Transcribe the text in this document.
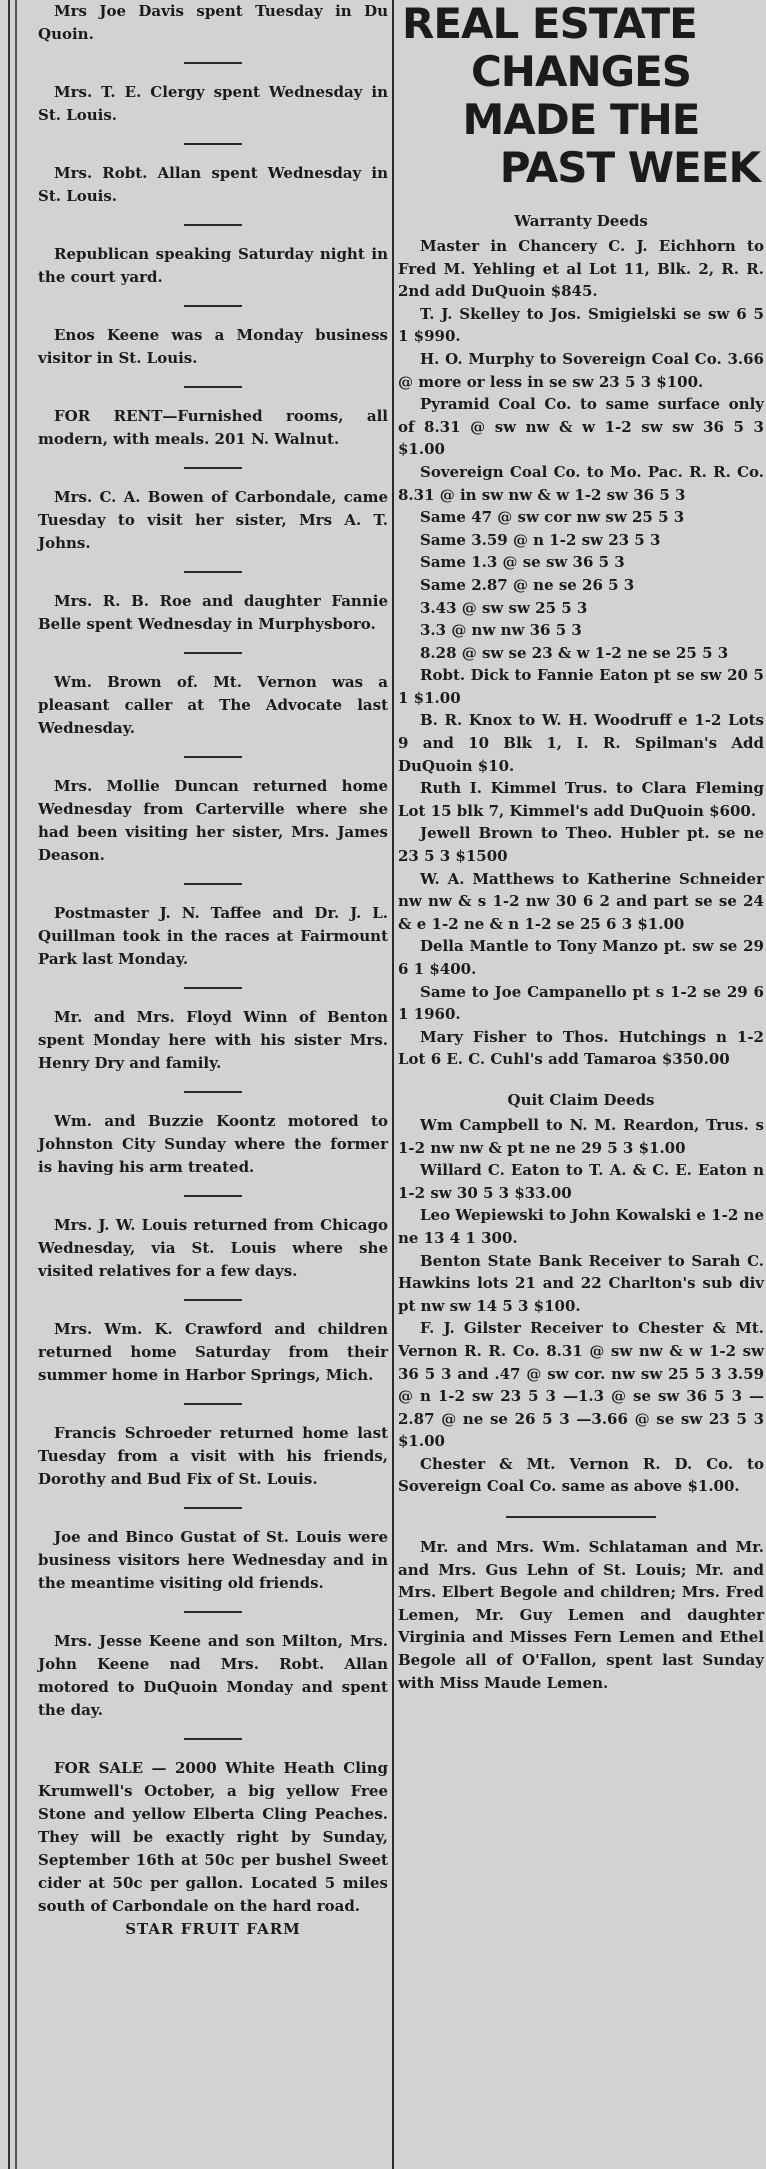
Mrs Joe Davis spent Tuesday in Du Quoin.

Mrs. T. E. Clergy spent Wednesday in St. Louis.

Mrs. Robt. Allan spent Wednesday in St. Louis.

Republican speaking Saturday night in the court yard.

Enos Keene was a Monday business visitor in St. Louis.

FOR RENT—Furnished rooms, all modern, with meals. 201 N. Walnut.

Mrs. C. A. Bowen of Carbondale, came Tuesday to visit her sister, Mrs A. T. Johns.

Mrs. R. B. Roe and daughter Fannie Belle spent Wednesday in Murphysboro.

Wm. Brown of. Mt. Vernon was a pleasant caller at The Advocate last Wednesday.

Mrs. Mollie Duncan returned home Wednesday from Carterville where she had been visiting her sister, Mrs. James Deason.

Postmaster J. N. Taffee and Dr. J. L. Quillman took in the races at Fairmount Park last Monday.

Mr. and Mrs. Floyd Winn of Benton spent Monday here with his sister Mrs. Henry Dry and family.

Wm. and Buzzie Koontz motored to Johnston City Sunday where the former is having his arm treated.

Mrs. J. W. Louis returned from Chicago Wednesday, via St. Louis where she visited relatives for a few days.

Mrs. Wm. K. Crawford and children returned home Saturday from their summer home in Harbor Springs, Mich.

Francis Schroeder returned home last Tuesday from a visit with his friends, Dorothy and Bud Fix of St. Louis.

Joe and Binco Gustat of St. Louis were business visitors here Wednesday and in the meantime visiting old friends.

Mrs. Jesse Keene and son Milton, Mrs. John Keene nad Mrs. Robt. Allan motored to DuQuoin Monday and spent the day.

FOR SALE — 2000 White Heath Cling Krumwell's October, a big yellow Free Stone and yellow Elberta Cling Peaches. They will be exactly right by Sunday, September 16th at 50c per bushel Sweet cider at 50c per gallon. Located 5 miles south of Carbondale on the hard road.

STAR FRUIT FARM
REAL ESTATE
CHANGES MADE THE
PAST WEEK
Warranty Deeds

Master in Chancery C. J. Eichhorn to Fred M. Yehling et al Lot 11, Blk. 2, R. R. 2nd add DuQuoin $845.

T. J. Skelley to Jos. Smigielski se sw 6 5 1 $990.

H. O. Murphy to Sovereign Coal Co. 3.66 @ more or less in se sw 23 5 3 $100.

Pyramid Coal Co. to same surface only of 8.31 @ sw nw & w 1-2 sw sw 36 5 3 $1.00

Sovereign Coal Co. to Mo. Pac. R. R. Co. 8.31 @ in sw nw & w 1-2 sw 36 5 3

Same 47 @ sw cor nw sw 25 5 3

Same 3.59 @ n 1-2 sw 23 5 3

Same 1.3 @ se sw 36 5 3

Same 2.87 @ ne se 26 5 3

3.43 @ sw sw 25 5 3

3.3 @ nw nw 36 5 3

8.28 @ sw se 23 & w 1-2 ne se 25 5 3

Robt. Dick to Fannie Eaton pt se sw 20 5 1 $1.00

B. R. Knox to W. H. Woodruff e 1-2 Lots 9 and 10 Blk 1, I. R. Spilman's Add DuQuoin $10.

Ruth I. Kimmel Trus. to Clara Fleming Lot 15 blk 7, Kimmel's add DuQuoin $600.

Jewell Brown to Theo. Hubler pt. se ne 23 5 3 $1500

W. A. Matthews to Katherine Schneider nw nw & s 1-2 nw 30 6 2 and part se se 24 & e 1-2 ne & n 1-2 se 25 6 3 $1.00

Della Mantle to Tony Manzo pt. sw se 29 6 1 $400.

Same to Joe Campanello pt s 1-2 se 29 6 1 1960.

Mary Fisher to Thos. Hutchings n 1-2 Lot 6 E. C. Cuhl's add Tamaroa $350.00

Quit Claim Deeds

Wm Campbell to N. M. Reardon, Trus. s 1-2 nw nw & pt ne ne 29 5 3 $1.00

Willard C. Eaton to T. A. & C. E. Eaton n 1-2 sw 30 5 3 $33.00

Leo Wepiewski to John Kowalski e 1-2 ne ne 13 4 1 300.

Benton State Bank Receiver to Sarah C. Hawkins lots 21 and 22 Charlton's sub div pt nw sw 14 5 3 $100.

F. J. Gilster Receiver to Chester & Mt. Vernon R. R. Co. 8.31 @ sw nw & w 1-2 sw 36 5 3 and .47 @ sw cor. nw sw 25 5 3 3.59 @ n 1-2 sw 23 5 3 —1.3 @ se sw 36 5 3 —2.87 @ ne se 26 5 3 —3.66 @ se sw 23 5 3 $1.00

Chester & Mt. Vernon R. D. Co. to Sovereign Coal Co. same as above $1.00.

Mr. and Mrs. Wm. Schlataman and Mr. and Mrs. Gus Lehn of St. Louis; Mr. and Mrs. Elbert Begole and children; Mrs. Fred Lemen, Mr. Guy Lemen and daughter Virginia and Misses Fern Lemen and Ethel Begole all of O'Fallon, spent last Sunday with Miss Maude Lemen.
